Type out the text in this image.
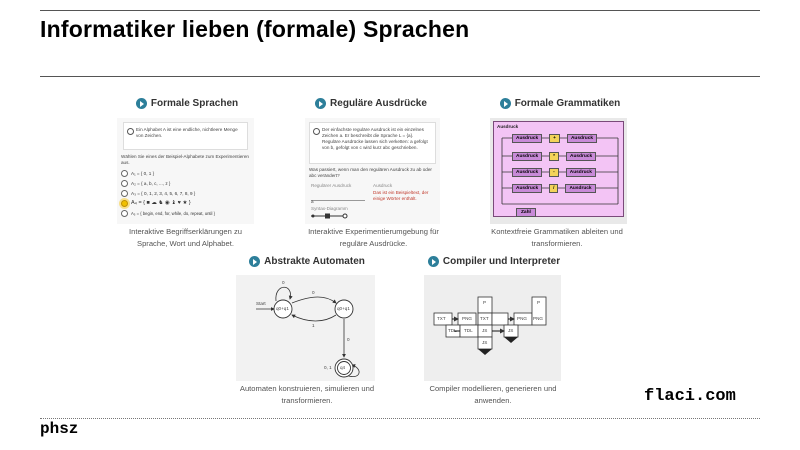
Informatiker lieben (formale) Sprachen
flaci.com
phsz
Formale Sprachen
Ein Alphabet A ist eine endliche, nichtleere Menge von Zeichen.
Wählen Sie eines der Beispiel-Alphabete zum Experimentieren aus.
A₁ = { 0, 1 }
A₂ = { a, b, c, ..., z }
A₃ = { 0, 1, 2, 3, 4, 5, 6, 7, 8, 9 }
A₄ = { ■ ☁ ♞ ◉ ♝ ♥ ★ }
A₅ = { begin, end, for, while, do, repeat, until }
Interaktive Begriffserklärungen zu
Sprache, Wort und Alphabet.
Reguläre Ausdrücke
Der einfachste reguläre Ausdruck ist ein einzelnes Zeichen a. Er beschreibt die Sprache L = {a}. Reguläre Ausdrücke lassen sich verketten: a gefolgt von b, gefolgt von c wird kurz abc geschrieben.
Was passiert, wenn man den regulären Ausdruck zu ab oder abc verändert?
Regulärer Ausdruck
a
Ausdruck
Das ist ein Beispieltext, der einige Wörter enthält.
Syntax-Diagramm
Interaktive Experimentierumgebung für
reguläre Ausdrücke.
Formale Grammatiken
Ausdruck
Ausdruck	+	Ausdruck
Ausdruck	*	Ausdruck
Ausdruck	-	Ausdruck
Ausdruck	/	Ausdruck
Zahl
Kontextfreie Grammatiken ableiten und
transformieren.
Abstrakte Automaten
Start
q0+q1	q0+q1
q4
0
0
1
0
0, 1
Automaten konstruieren, simulieren und
transformieren.
Compiler und Interpreter
TXT	PNG
P
TXT	PNG
P
TDL TDL JS	JS
PNG
JS
Compiler modellieren, generieren und
anwenden.
